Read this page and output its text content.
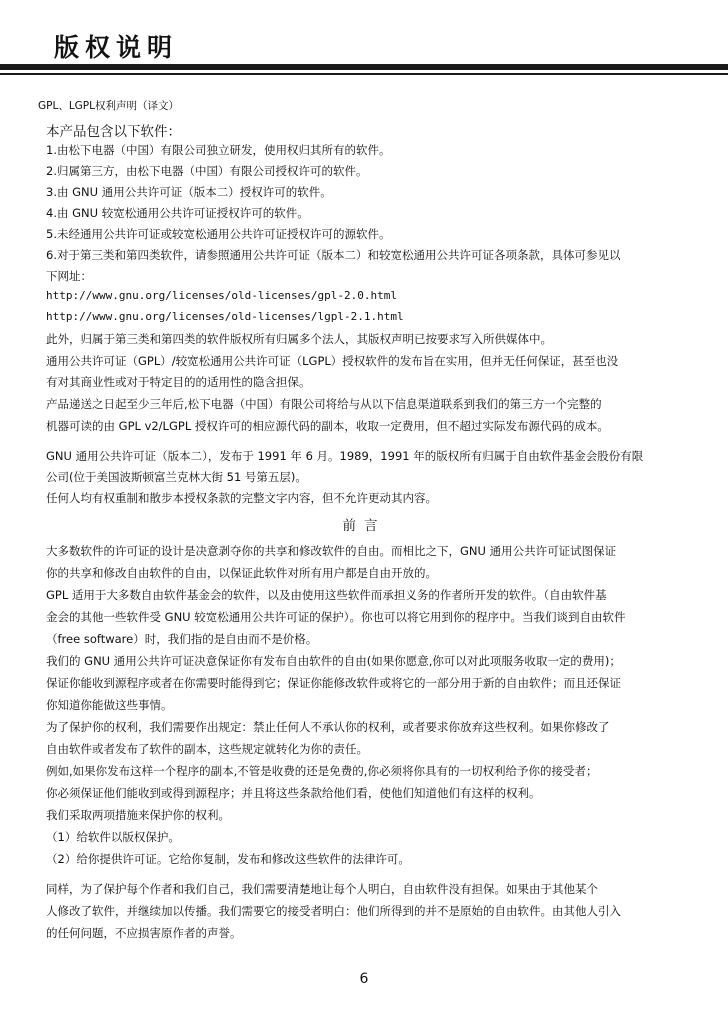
版权说明
GPL、LGPL权利声明（译文）
本产品包含以下软件：
1.由松下电器（中国）有限公司独立研发，使用权归其所有的软件。
2.归属第三方，由松下电器（中国）有限公司授权许可的软件。
3.由 GNU 通用公共许可证（版本二）授权许可的软件。
4.由 GNU 较宽松通用公共许可证授权许可的软件。
5.未经通用公共许可证或较宽松通用公共许可证授权许可的源软件。
6.对于第三类和第四类软件，请参照通用公共许可证（版本二）和较宽松通用公共许可证各项条款，具体可参见以
下网址：
http://www.gnu.org/licenses/old-licenses/gpl-2.0.html
http://www.gnu.org/licenses/old-licenses/lgpl-2.1.html
此外，归属于第三类和第四类的软件版权所有归属多个法人，其版权声明已按要求写入所供媒体中。
通用公共许可证（GPL）/较宽松通用公共许可证（LGPL）授权软件的发布旨在实用，但并无任何保证，甚至也没
有对其商业性或对于特定目的的适用性的隐含担保。
产品递送之日起至少三年后,松下电器（中国）有限公司将给与从以下信息渠道联系到我们的第三方一个完整的
机器可读的由 GPL v2/LGPL 授权许可的相应源代码的副本，收取一定费用，但不超过实际发布源代码的成本。
GNU 通用公共许可证（版本二），发布于 1991 年 6 月。1989，1991 年的版权所有归属于自由软件基金会股份有限
公司(位于美国波斯顿富兰克林大街 51 号第五层)。
任何人均有权重制和散步本授权条款的完整文字内容，但不允许更动其内容。
前言
大多数软件的许可证的设计是决意剥夺你的共享和修改软件的自由。而相比之下，GNU 通用公共许可证试图保证
你的共享和修改自由软件的自由，以保证此软件对所有用户都是自由开放的。
GPL 适用于大多数自由软件基金会的软件，以及由使用这些软件而承担义务的作者所开发的软件。（自由软件基
金会的其他一些软件受 GNU 较宽松通用公共许可证的保护）。你也可以将它用到你的程序中。当我们谈到自由软件
（free software）时，我们指的是自由而不是价格。
我们的 GNU 通用公共许可证决意保证你有发布自由软件的自由(如果你愿意,你可以对此项服务收取一定的费用)；
保证你能收到源程序或者在你需要时能得到它；保证你能修改软件或将它的一部分用于新的自由软件；而且还保证
你知道你能做这些事情。
为了保护你的权利，我们需要作出规定：禁止任何人不承认你的权利，或者要求你放弃这些权利。如果你修改了
自由软件或者发布了软件的副本，这些规定就转化为你的责任。
例如,如果你发布这样一个程序的副本,不管是收费的还是免费的,你必须将你具有的一切权利给予你的接受者；
你必须保证他们能收到或得到源程序；并且将这些条款给他们看，使他们知道他们有这样的权利。
我们采取两项措施来保护你的权利。
（1）给软件以版权保护。
（2）给你提供许可证。它给你复制，发布和修改这些软件的法律许可。
同样，为了保护每个作者和我们自己，我们需要清楚地让每个人明白，自由软件没有担保。如果由于其他某个
人修改了软件，并继续加以传播。我们需要它的接受者明白：他们所得到的并不是原始的自由软件。由其他人引入
的任何问题，不应损害原作者的声誉。
6
